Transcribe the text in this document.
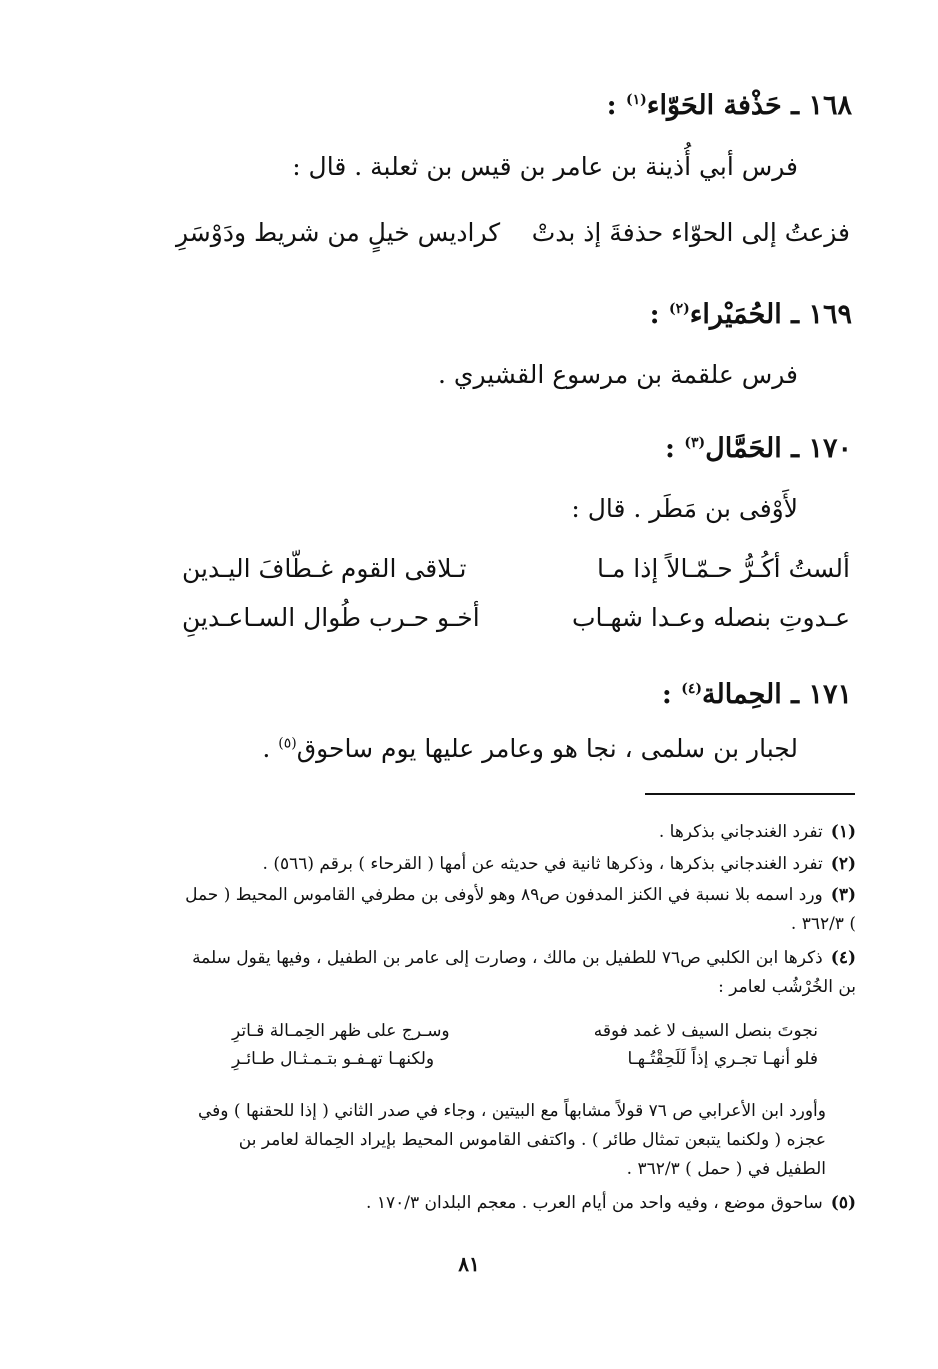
١٦٨ ـ حَذْفة الحَوّاء$^{(١)}$ :
فرس أبي أُذينة بن عامر بن قيس بن ثعلبة . قال :
فزعتُ إلى الحوّاء حذفةَ إذ بدتْ
كراديس خيلٍ من شريط ودَوْسَرِ
١٦٩ ـ الحُمَيْراء$^{(٢)}$ :
فرس علقمة بن مرسوع القشيري .
١٧٠ ـ الحَمَّال$^{(٣)}$ :
لأَوْفى بن مَطَر . قال :
ألستُ أكُـرُّ حـمّـالاً إذا مـا
تـلاقى القوم غـطّافَ اليـدين
عـدوتِ بنصله وعـدا شهـاب
أخـو حـرب طُوال السـاعـدينِ
١٧١ ـ الحِمالة$^{(٤)}$ :
لجبار بن سلمى ، نجا هو وعامر عليها يوم ساحوق$^{(٥)}$ .
(١)تفرد الغندجاني بذكرها .
(٢)تفرد الغندجاني بذكرها ، وذكرها ثانية في حديثه عن أمها ( القرحاء ) برقم (٥٦٦) .
(٣)ورد اسمه بلا نسبة في الكنز المدفون ص٨٩ وهو لأوفى بن مطرفي القاموس المحيط ( حمل ) ٣٦٢/٣ .
(٤)ذكرها ابن الكلبي ص٧٦ للطفيل بن مالك ، وصارت إلى عامر بن الطفيل ، وفيها يقول سلمة بن الخُرْشُب لعامر :
نجوتَ بنصل السيف لا غمد فوقه
وسـرج على ظهر الحِمـالة قـاترِ
فلو أنهـا تجـري إذاً لَلَحِقْتُـهـا
ولكنهـا تهـفـو بتـمـثـال طـائـرِ
وأورد ابن الأعرابي ص ٧٦ قولاً مشابهاً مع البيتين ، وجاء في صدر الثاني ( إذا للحقنها ) وفي عجزه ( ولكنما يتبعن تمثال طائر ) . واكتفى القاموس المحيط بإيراد الحِمالة لعامر بن الطفيل في ( حمل ) ٣٦٢/٣ .
(٥)ساحوق موضع ، وفيه واحد من أيام العرب . معجم البلدان ١٧٠/٣ .
٨١
